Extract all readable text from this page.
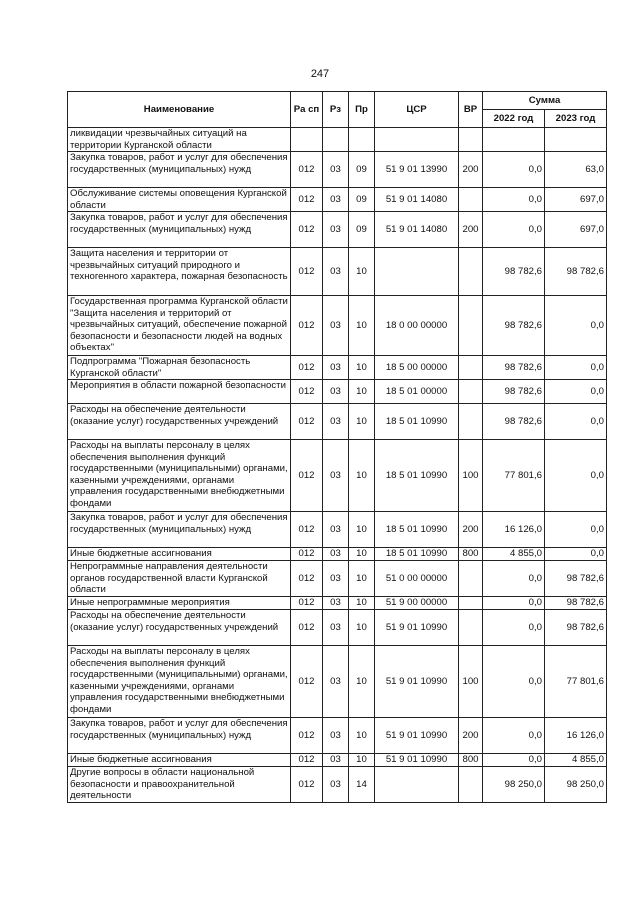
247
Наименование	Ра сп	Рз	Пр	ЦСР	ВР	Сумма	
						2022 год	2023 год

ликвидации чрезвычайных ситуаций на территории Курганской области							

Закупка товаров, работ и услуг для обеспечения государственных (муниципальных) нужд	012	03	09	51 9 01 13990	200	0,0	63,0

Обслуживание системы оповещения Курганской области	012	03	09	51 9 01 14080		0,0	697,0

Закупка товаров, работ и услуг для обеспечения государственных (муниципальных) нужд	012	03	09	51 9 01 14080	200	0,0	697,0

Защита населения и территории от чрезвычайных ситуаций природного и техногенного характера, пожарная безопасность	012	03	10			98 782,6	98 782,6

Государственная программа Курганской области "Защита населения и территорий от чрезвычайных ситуаций, обеспечение пожарной безопасности и безопасности людей на водных объектах"	012	03	10	18 0 00 00000		98 782,6	0,0

Подпрограмма "Пожарная безопасность Курганской области"	012	03	10	18 5 00 00000		98 782,6	0,0

Мероприятия в области пожарной безопасности	012	03	10	18 5 01 00000		98 782,6	0,0

Расходы на обеспечение деятельности (оказание услуг) государственных учреждений	012	03	10	18 5 01 10990		98 782,6	0,0

Расходы на выплаты персоналу в целях обеспечения выполнения функций государственными (муниципальными) органами, казенными учреждениями, органами управления государственными внебюджетными фондами	012	03	10	18 5 01 10990	100	77 801,6	0,0

Закупка товаров, работ и услуг для обеспечения государственных (муниципальных) нужд	012	03	10	18 5 01 10990	200	16 126,0	0,0

Иные бюджетные ассигнования	012	03	10	18 5 01 10990	800	4 855,0	0,0

Непрограммные направления деятельности органов государственной власти Курганской области	012	03	10	51 0 00 00000		0,0	98 782,6

Иные непрограммные мероприятия	012	03	10	51 9 00 00000		0,0	98 782,6

Расходы на обеспечение деятельности (оказание услуг) государственных учреждений	012	03	10	51 9 01 10990		0,0	98 782,6

Расходы на выплаты персоналу в целях обеспечения выполнения функций государственными (муниципальными) органами, казенными учреждениями, органами управления государственными внебюджетными фондами	012	03	10	51 9 01 10990	100	0,0	77 801,6

Закупка товаров, работ и услуг для обеспечения государственных (муниципальных) нужд	012	03	10	51 9 01 10990	200	0,0	16 126,0

Иные бюджетные ассигнования	012	03	10	51 9 01 10990	800	0,0	4 855,0

Другие вопросы в области национальной безопасности и правоохранительной деятельности	012	03	14			98 250,0	98 250,0
